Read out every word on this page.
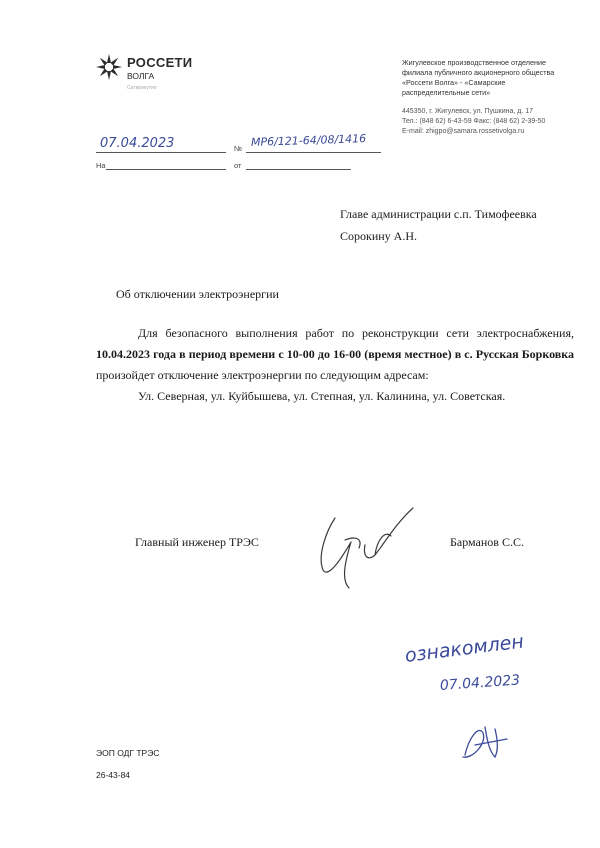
РОССЕТИ
ВОЛГА
Сатирикутип
Жигулевское производственное отделение
филиала публичного акционерного общества
«Россети Волга» - «Самарские
распределительные сети»
445350, г. Жигулевск, ул. Пушкина, д. 17
Тел.: (848 62) 6-43-59 Факс: (848 62) 2-39-50
E-mail: zhigpo@samara.rossetivolga.ru
07.04.2023	№ МР6/121-64/08/1416
На	от
Главе администрации с.п. Тимофеевка
Сорокину А.Н.
Об отключении электроэнергии

Для безопасного выполнения работ по реконструкции сети электроснабжения, 10.04.2023 года в период времени с 10-00 до 16-00 (время местное) в с. Русская Борковка произойдет отключение электроэнергии по следующим адресам:

Ул. Северная, ул. Куйбышева, ул. Степная, ул. Калинина, ул. Советская.

Главный инженер ТРЭС	Барманов С.С.
ознакомлен
07.04.2023
ЭОП ОДГ ТРЭС
26-43-84
